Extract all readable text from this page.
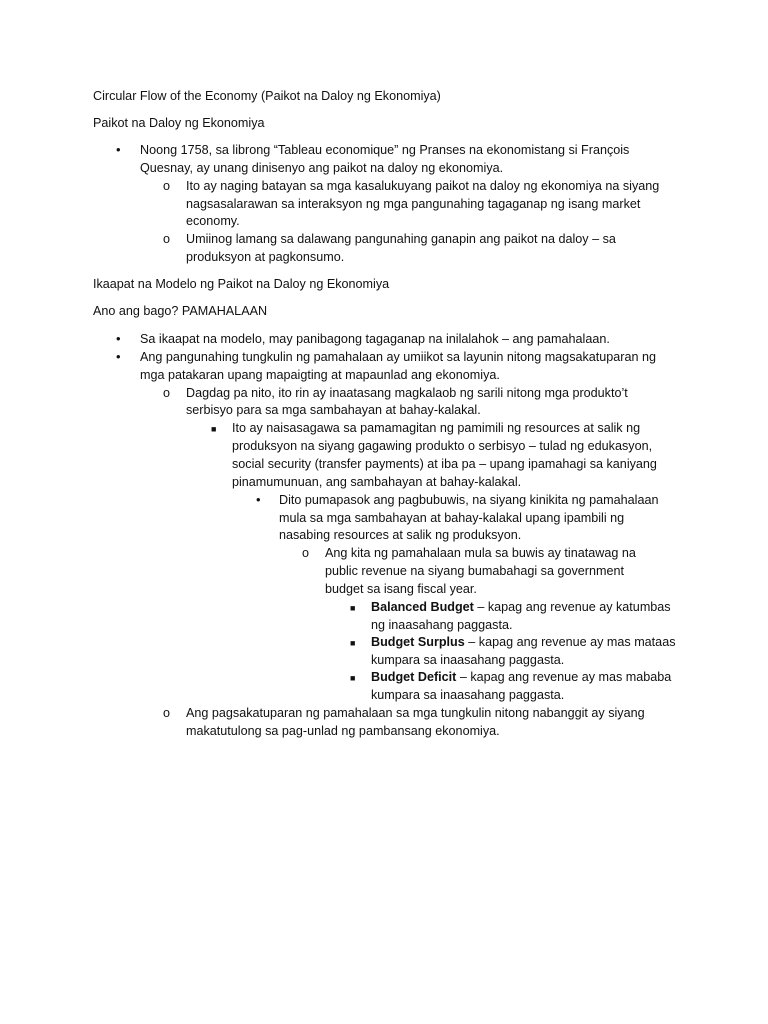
Circular Flow of the Economy (Paikot na Daloy ng Ekonomiya)
Paikot na Daloy ng Ekonomiya
• Noong 1758, sa librong “Tableau economique” ng Pranses na ekonomistang si François
Quesnay, ay unang dinisenyo ang paikot na daloy ng ekonomiya.
o Ito ay naging batayan sa mga kasalukuyang paikot na daloy ng ekonomiya na siyang
nagsasalarawan sa interaksyon ng mga pangunahing tagaganap ng isang market
economy.
o Umiinog lamang sa dalawang pangunahing ganapin ang paikot na daloy – sa
produksyon at pagkonsumo.
Ikaapat na Modelo ng Paikot na Daloy ng Ekonomiya
Ano ang bago? PAMAHALAAN
• Sa ikaapat na modelo, may panibagong tagaganap na inilalahok – ang pamahalaan.
• Ang pangunahing tungkulin ng pamahalaan ay umiikot sa layunin nitong magsakatuparan ng
mga patakaran upang mapaigting at mapaunlad ang ekonomiya.
o Dagdag pa nito, ito rin ay inaatasang magkalaob ng sarili nitong mga produkto’t
serbisyo para sa mga sambahayan at bahay-kalakal.
■ Ito ay naisasagawa sa pamamagitan ng pamimili ng resources at salik ng
produksyon na siyang gagawing produkto o serbisyo – tulad ng edukasyon,
social security (transfer payments) at iba pa – upang ipamahagi sa kaniyang
pinamumunuan, ang sambahayan at bahay-kalakal.
• Dito pumapasok ang pagbubuwis, na siyang kinikita ng pamahalaan
mula sa mga sambahayan at bahay-kalakal upang ipambili ng
nasabing resources at salik ng produksyon.
o Ang kita ng pamahalaan mula sa buwis ay tinatawag na
public revenue na siyang bumabahagi sa government
budget sa isang fiscal year.
■ Balanced Budget – kapag ang revenue ay katumbas
ng inaasahang paggasta.
■ Budget Surplus – kapag ang revenue ay mas mataas
kumpara sa inaasahang paggasta.
■ Budget Deficit – kapag ang revenue ay mas mababa
kumpara sa inaasahang paggasta.
o Ang pagsakatuparan ng pamahalaan sa mga tungkulin nitong nabanggit ay siyang
makatutulong sa pag-unlad ng pambansang ekonomiya.
